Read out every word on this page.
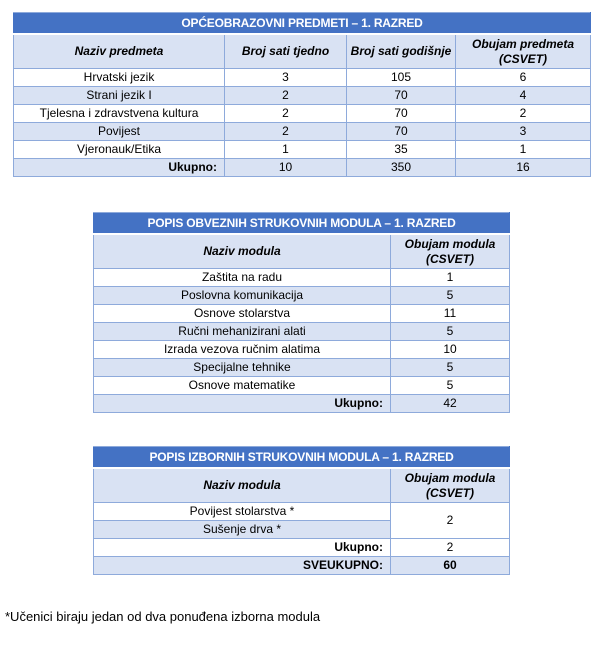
OPĆEOBRAZOVNI PREDMETI – 1. RAZRED			
Naziv predmeta	Broj sati tjedno	Broj sati godišnje	Obujam predmeta (CSVET)
Hrvatski jezik	3	105	6
Strani jezik I	2	70	4
Tjelesna i zdravstvena kultura	2	70	2
Povijest	2	70	3
Vjeronauk/Etika	1	35	1
Ukupno:	10	350	16
POPIS OBVEZNIH STRUKOVNIH MODULA – 1. RAZRED	
Naziv modula	Obujam modula (CSVET)
Zaštita na radu	1
Poslovna komunikacija	5
Osnove stolarstva	11
Ručni mehanizirani alati	5
Izrada vezova ručnim alatima	10
Specijalne tehnike	5
Osnove matematike	5
Ukupno:	42
POPIS IZBORNIH STRUKOVNIH MODULA – 1. RAZRED	
Naziv modula	Obujam modula (CSVET)
Povijest stolarstva *	2
Sušenje drva *	
Ukupno:	2
SVEUKUPNO:	60
*Učenici biraju jedan od dva ponuđena izborna modula
